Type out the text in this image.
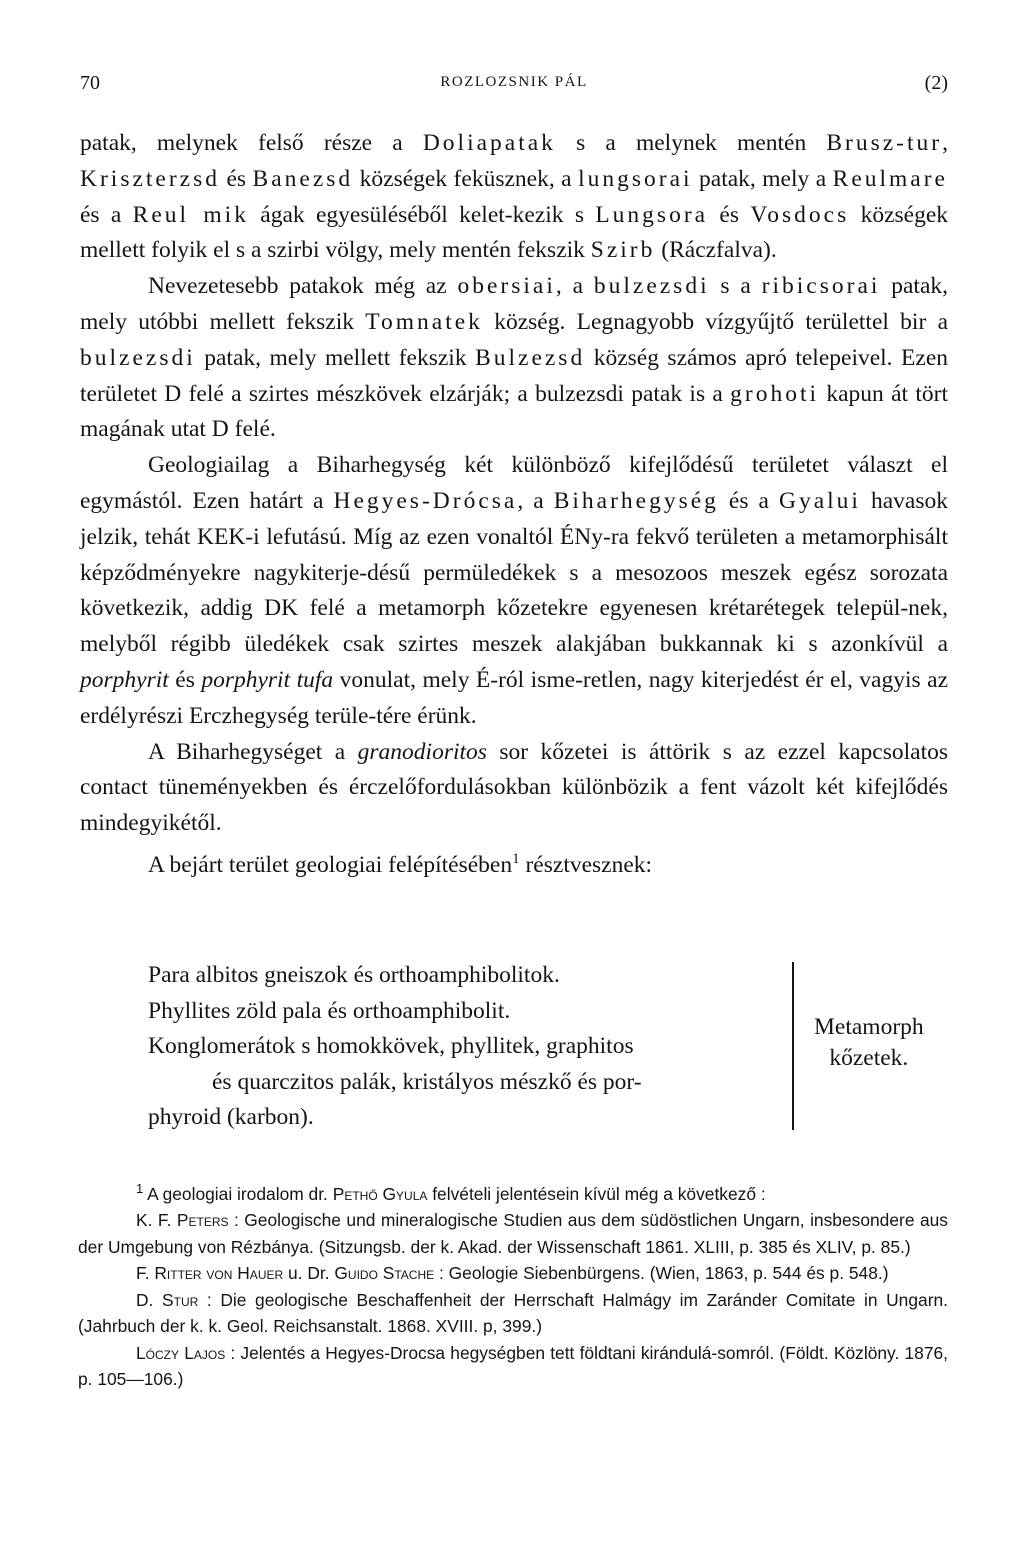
70	ROZLOZSNIK PÁL	(2)

patak, melynek felső része a Doliapatak s a melynek mentén Brusz-tur, Kriszterzsd és Banezsd községek feküsznek, a lungsorai patak, mely a Reulmare és a Reul mik ágak egyesüléséből kelet-kezik s Lungsora és Vosdocs községek mellett folyik el s a szirbi völgy, mely mentén fekszik Szirb (Ráczfalva).

Nevezetesebb patakok még az obersiai, a bulzezsdi s a ribicsorai patak, mely utóbbi mellett fekszik Tomnatek község. Legnagyobb vízgyűjtő területtel bir a bulzezsdi patak, mely mellett fekszik Bulzezsd község számos apró telepeivel. Ezen területet D felé a szirtes mészkövek elzárják; a bulzezsdi patak is a grohoti kapun át tört magának utat D felé.

Geologiailag a Biharhegység két különböző kifejlődésű területet választ el egymástól. Ezen határt a Hegyes-Drócsa, a Biharhegység és a Gyalui havasok jelzik, tehát KEK-i lefutású. Míg az ezen vonaltól ÉNy-ra fekvő területen a metamorphisált képződményekre nagykiterje-désű permüledékek s a mesozoos meszek egész sorozata következik, addig DK felé a metamorph kőzetekre egyenesen krétarétegek települ-nek, melyből régibb üledékek csak szirtes meszek alakjában bukkannak ki s azonkívül a porphyrit és porphyrit tufa vonulat, mely É-ról isme-retlen, nagy kiterjedést ér el, vagyis az erdélyrészi Erczhegység terüle-tére érünk.

A Biharhegységet a granodioritos sor kőzetei is áttörik s az ezzel kapcsolatos contact tüneményekben és érczelőfordulásokban különbözik a fent vázolt két kifejlődés mindegyikétől.

A bejárt terület geologiai felépítésében$^1$ résztvesznek:

Para albitos gneiszok és orthoamphibolitok.
Phyllites zöld pala és orthoamphibolit.
Konglomerátok s homokkövek, phyllitek, graphitos
és quarczitos palák, kristályos mészkő és por-
phyroid (karbon).
Metamorph
kőzetek.

$^1$ A geologiai irodalom dr. Pethő Gyula felvételi jelentésein kívül még a következő :

K. F. Peters : Geologische und mineralogische Studien aus dem südöstlichen Ungarn, insbesondere aus der Umgebung von Rézbánya. (Sitzungsb. der k. Akad. der Wissenschaft 1861. XLIII, p. 385 és XLIV, p. 85.)

F. Ritter von Hauer u. Dr. Guido Stache : Geologie Siebenbürgens. (Wien, 1863, p. 544 és p. 548.)

D. Stur : Die geologische Beschaffenheit der Herrschaft Halmágy im Zaránder Comitate in Ungarn. (Jahrbuch der k. k. Geol. Reichsanstalt. 1868. XVIII. p, 399.)

Lóczy Lajos : Jelentés a Hegyes-Drocsa hegységben tett földtani kirándulá-somról. (Földt. Közlöny. 1876, p. 105—106.)
